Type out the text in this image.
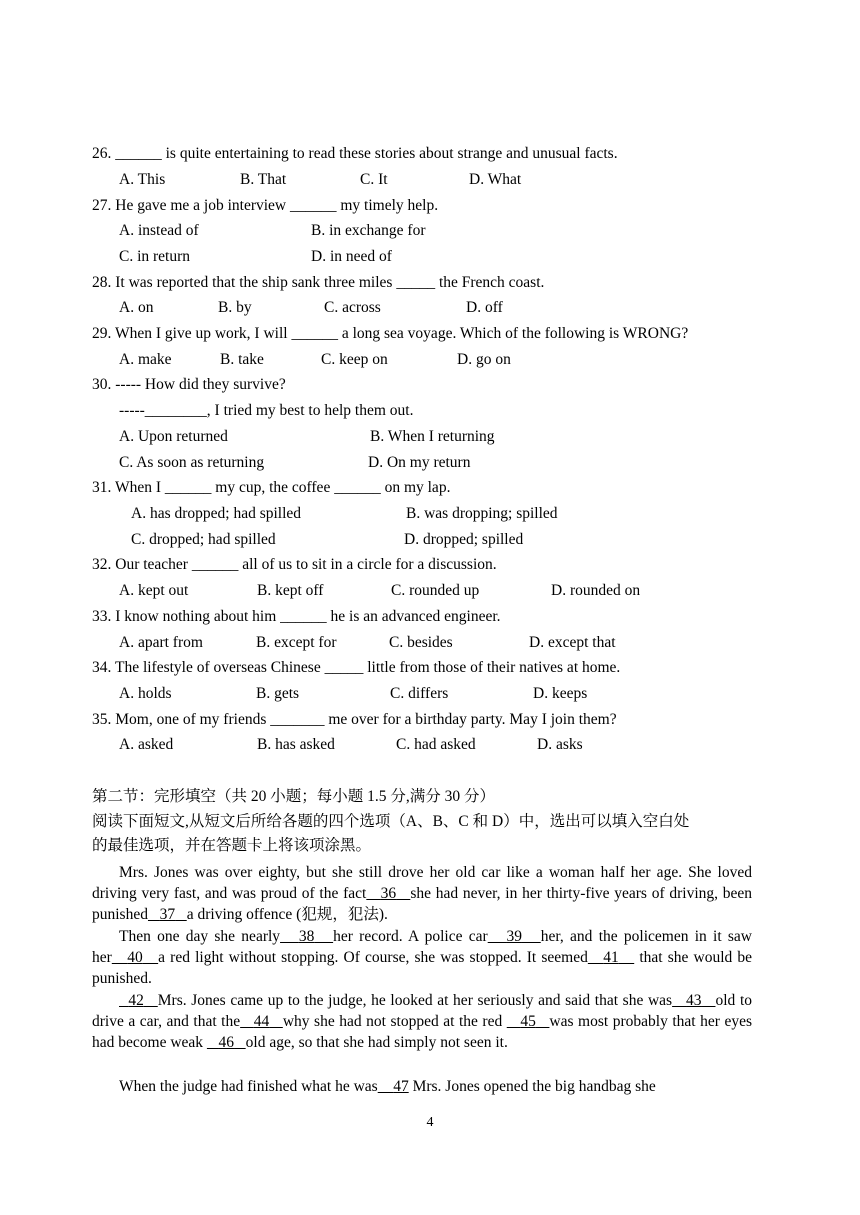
26. ______ is quite entertaining to read these stories about strange and unusual facts.
A. This	B. That	C. It	D. What
27. He gave me a job interview ______ my timely help.
A. instead of	B. in exchange for
C. in return	D. in need of
28. It was reported that the ship sank three miles _____ the French coast.
A. on	B. by	C. across	D. off
29. When I give up work, I will ______ a long sea voyage. Which of the following is WRONG?
A. make	B. take	C. keep on	D. go on
30. ----- How did they survive?
-----________, I tried my best to help them out.
A. Upon returned	B. When I returning
C. As soon as returning	D. On my return
31. When I ______ my cup, the coffee ______ on my lap.
A. has dropped; had spilled	B. was dropping; spilled
C. dropped; had spilled	D. dropped; spilled
32. Our teacher ______ all of us to sit in a circle for a discussion.
A. kept out	B. kept off	C. rounded up	D. rounded on
33. I know nothing about him ______ he is an advanced engineer.
A. apart from	B. except for	C. besides	D. except that
34. The lifestyle of overseas Chinese _____ little from those of their natives at home.
A. holds	B. gets	C. differs	D. keeps
35. Mom, one of my friends _______ me over for a birthday party. May I join them?
A. asked	B. has asked	C. had asked	D. asks
第二节：完形填空（共 20 小题；每小题 1.5 分,满分 30 分）
阅读下面短文,从短文后所给各题的四个选项（A、B、C 和 D）中，选出可以填入空白处
的最佳选项，并在答题卡上将该项涂黑。
Mrs. Jones was over eighty, but she still drove her old car like a woman half her age. She loved driving very fast, and was proud of the fact 36 she had never, in her thirty-five years of driving, been punished 37 a driving offence (犯规，犯法).
Then one day she nearly 38 her record. A police car 39 her, and the policemen in it saw her 40 a red light without stopping. Of course, she was stopped. It seemed 41    that she would be punished.
42 Mrs. Jones came up to the judge, he looked at her seriously and said that she was 43 old to drive a car, and that the 44 why she had not stopped at the red    45 was most probably that her eyes had become weak    46 old age, so that she had simply not seen it.
When the judge had finished what he was 47 Mrs. Jones opened the big handbag she
4
